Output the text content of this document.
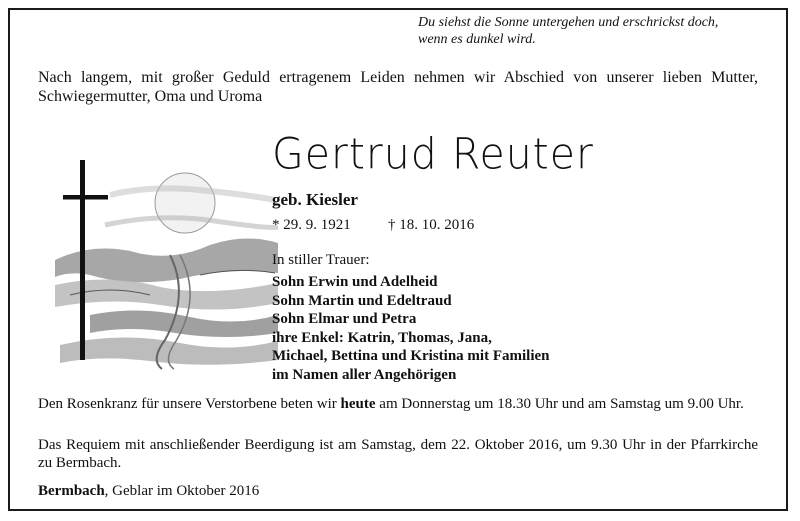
Du siehst die Sonne untergehen und erschrickst doch,
wenn es dunkel wird.
Nach langem, mit großer Geduld ertragenem Leiden nehmen wir Abschied von unserer lieben Mutter, Schwiegermutter, Oma und Uroma
Gertrud Reuter
geb. Kiesler
* 29. 9. 1921 † 18. 10. 2016
In stiller Trauer:
Sohn Erwin und Adelheid
Sohn Martin und Edeltraud
Sohn Elmar und Petra
ihre Enkel: Katrin, Thomas, Jana,
Michael, Bettina und Kristina mit Familien
im Namen aller Angehörigen
Den Rosenkranz für unsere Verstorbene beten wir heute am Donnerstag um 18.30 Uhr und am Samstag um 9.00 Uhr.
Das Requiem mit anschließender Beerdigung ist am Samstag, dem 22. Oktober 2016, um 9.30 Uhr in der Pfarrkirche zu Bermbach.
Bermbach, Geblar im Oktober 2016
